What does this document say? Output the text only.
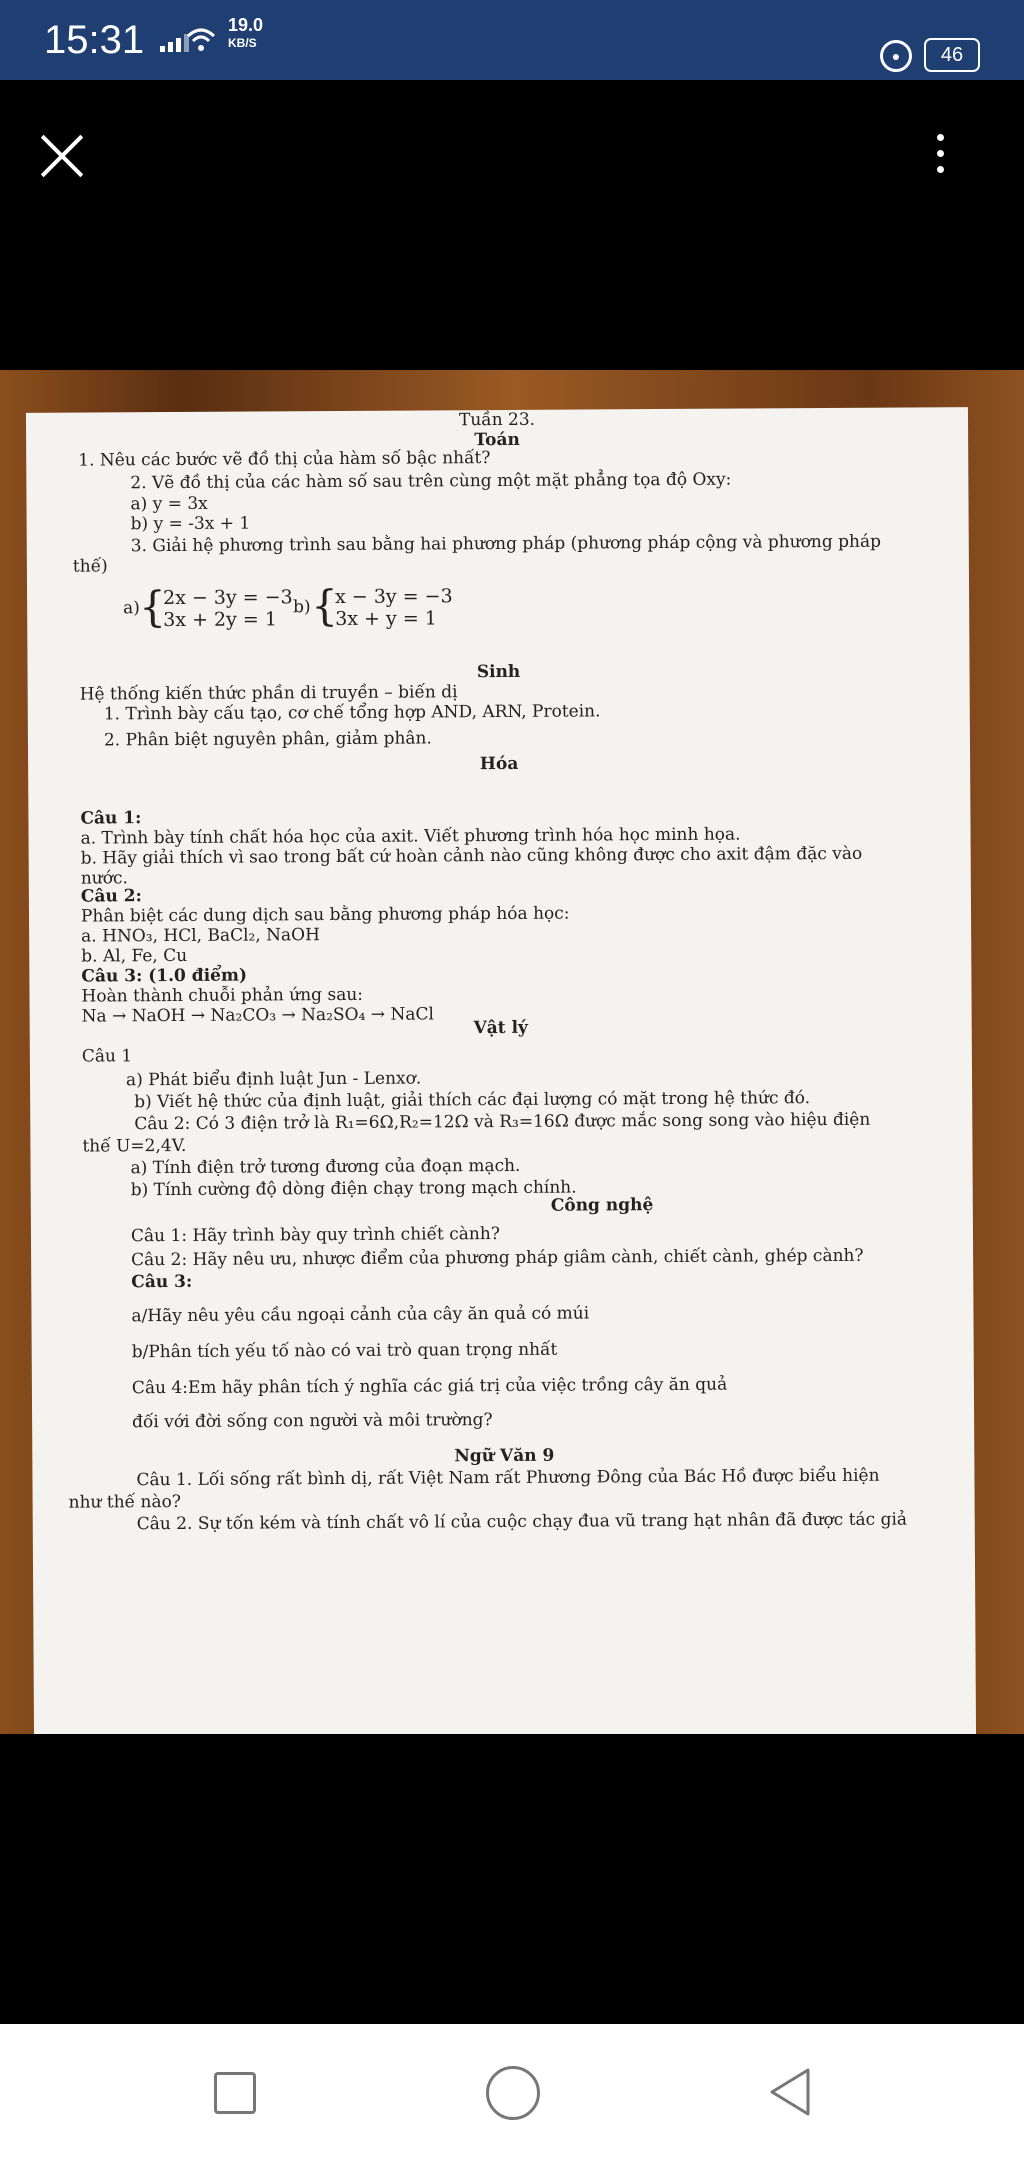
15:31	19.0
KB/S
●	46
Tuần 23.
Toán
1. Nêu các bước vẽ đồ thị của hàm số bậc nhất?
2. Vẽ đồ thị của các hàm số sau trên cùng một mặt phẳng tọa độ Oxy:
a) y = 3x
b) y = -3x + 1
3. Giải hệ phương trình sau bằng hai phương pháp (phương pháp cộng và phương pháp
thế)
a)
{
2x − 3y = −3
3x + 2y = 1
b) {
x − 3y = −3
3x + y = 1
Sinh
Hệ thống kiến thức phần di truyền – biến dị
1. Trình bày cấu tạo, cơ chế tổng hợp AND, ARN, Protein.
2. Phân biệt nguyên phân, giảm phân.
Hóa
Câu 1:
a. Trình bày tính chất hóa học của axit. Viết phương trình hóa học minh họa.
b. Hãy giải thích vì sao trong bất cứ hoàn cảnh nào cũng không được cho axit đậm đặc vào
nước.
Câu 2:
Phân biệt các dung dịch sau bằng phương pháp hóa học:
a. HNO₃, HCl, BaCl₂, NaOH
b. Al, Fe, Cu
Câu 3: (1.0 điểm)
Hoàn thành chuỗi phản ứng sau:
Na → NaOH → Na₂CO₃ → Na₂SO₄ → NaCl
Vật lý
Câu 1
a) Phát biểu định luật Jun - Lenxơ.
b) Viết hệ thức của định luật, giải thích các đại lượng có mặt trong hệ thức đó.
Câu 2: Có 3 điện trở là R₁=6Ω,R₂=12Ω và R₃=16Ω được mắc song song vào hiệu điện
thế U=2,4V.
a) Tính điện trở tương đương của đoạn mạch.
b) Tính cường độ dòng điện chạy trong mạch chính.
Công nghệ
Câu 1: Hãy trình bày quy trình chiết cành?
Câu 2: Hãy nêu ưu, nhược điểm của phương pháp giâm cành, chiết cành, ghép cành?
Câu 3:
a/Hãy nêu yêu cầu ngoại cảnh của cây ăn quả có múi
b/Phân tích yếu tố nào có vai trò quan trọng nhất
Câu 4:Em hãy phân tích ý nghĩa các giá trị của việc trồng cây ăn quả
đối với đời sống con người và môi trường?
Ngữ Văn 9
Câu 1. Lối sống rất bình dị, rất Việt Nam rất Phương Đông của Bác Hồ được biểu hiện
như thế nào?
Câu 2. Sự tốn kém và tính chất vô lí của cuộc chạy đua vũ trang hạt nhân đã được tác giả
